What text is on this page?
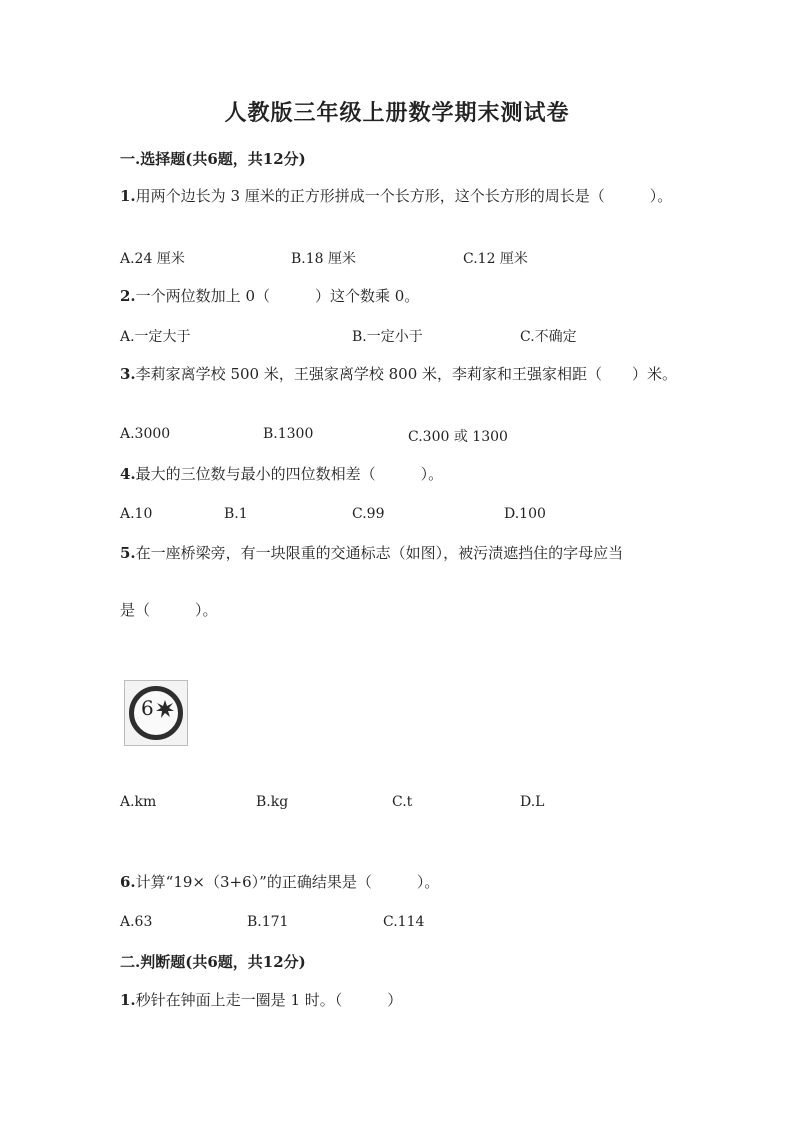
人教版三年级上册数学期末测试卷
一.选择题(共6题，共12分)
1.用两个边长为 3 厘米的正方形拼成一个长方形，这个长方形的周长是（　　　）。
A.24 厘米	B.18 厘米	C.12 厘米
2.一个两位数加上 0（　　　）这个数乘 0。
A.一定大于	B.一定小于	C.不确定
3.李莉家离学校 500 米，王强家离学校 800 米，李莉家和王强家相距（　　）米。
A.3000	B.1300	C.300 或 1300
4.最大的三位数与最小的四位数相差（　　　）。
A.10	B.1	C.99	D.100
5.在一座桥梁旁，有一块限重的交通标志（如图），被污渍遮挡住的字母应当
是（　　　）。
6
A.km	B.kg	C.t	D.L
6.计算“19×（3+6）”的正确结果是（　　　）。
A.63	B.171	C.114
二.判断题(共6题，共12分)
1.秒针在钟面上走一圈是 1 时。（　　　）
